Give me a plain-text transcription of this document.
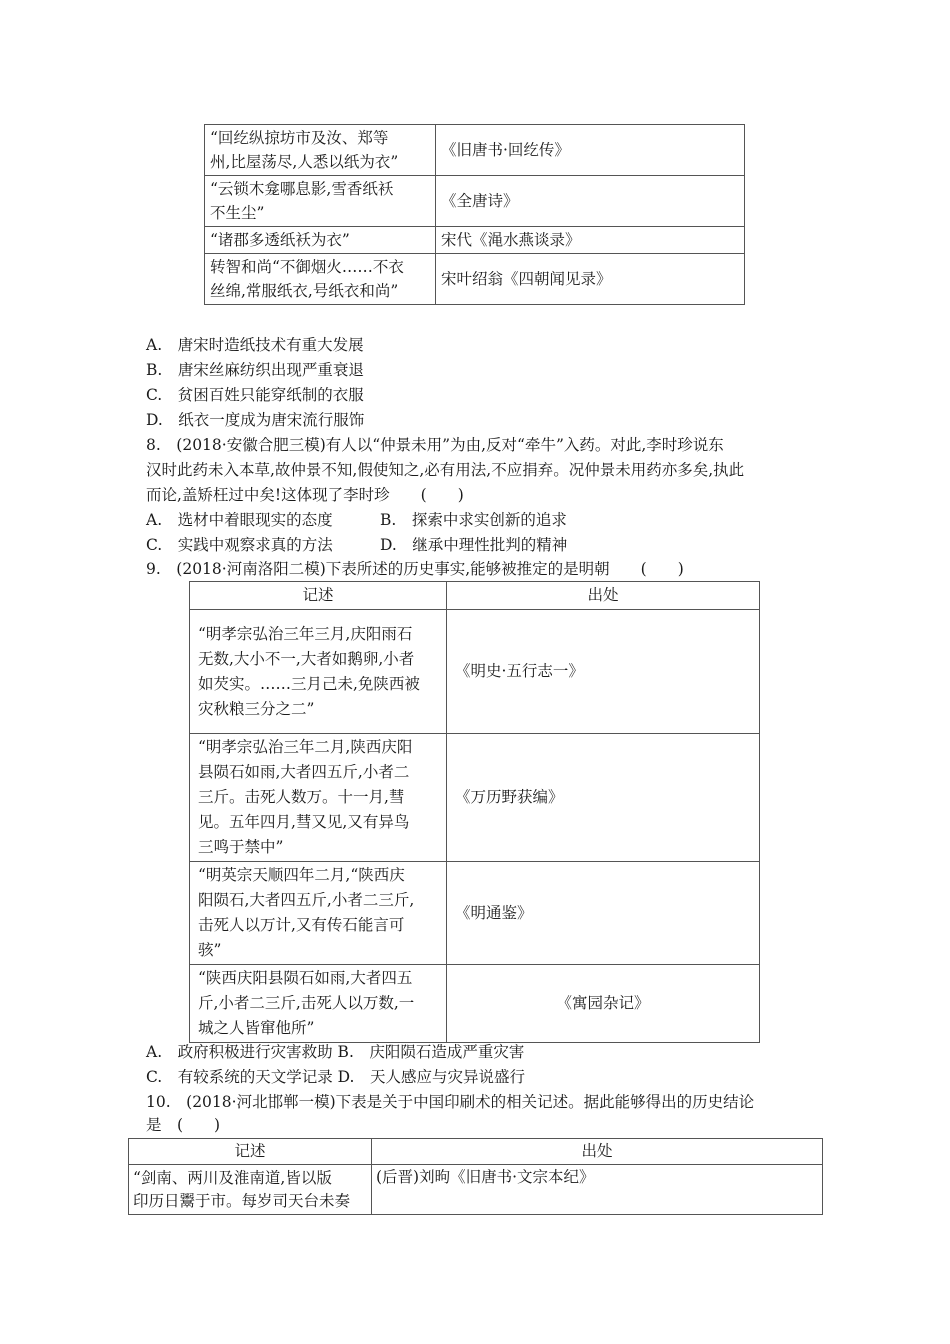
“回纥纵掠坊市及汝、郑等
州,比屋荡尽,人悉以纸为衣”	《旧唐书·回纥传》

“云锁木龛哪息影,雪香纸袄
不生尘”	《全唐诗》

“诸郡多透纸袄为衣”	宋代《渑水燕谈录》

转智和尚“不御烟火……不衣
丝绵,常服纸衣,号纸衣和尚”	宋叶绍翁《四朝闻见录》
A.　唐宋时造纸技术有重大发展
B.　唐宋丝麻纺织出现严重衰退
C.　贫困百姓只能穿纸制的衣服
D.　纸衣一度成为唐宋流行服饰
8.　(2018·安徽合肥三模)有人以“仲景未用”为由,反对“牵牛”入药。对此,李时珍说东
汉时此药未入本草,故仲景不知,假使知之,必有用法,不应捐弃。况仲景未用药亦多矣,执此
而论,盖矫枉过中矣!这体现了李时珍　　(　　)
A.　选材中着眼现实的态度	B.　探索中求实创新的追求
C.　实践中观察求真的方法	D.　继承中理性批判的精神
9.　(2018·河南洛阳二模)下表所述的历史事实,能够被推定的是明朝　　(　　)
记述	出处

“明孝宗弘治三年三月,庆阳雨石
无数,大小不一,大者如鹅卵,小者
如芡实。……三月己未,免陕西被
灾秋粮三分之二”	《明史·五行志一》

“明孝宗弘治三年二月,陕西庆阳
县陨石如雨,大者四五斤,小者二
三斤。击死人数万。十一月,彗
见。五年四月,彗又见,又有异鸟
三鸣于禁中”	《万历野获编》

“明英宗天顺四年二月,“陕西庆
阳陨石,大者四五斤,小者二三斤,
击死人以万计,又有传石能言可
骇”	《明通鉴》

“陕西庆阳县陨石如雨,大者四五
斤,小者二三斤,击死人以万数,一
城之人皆窜他所”	《寓园杂记》
A.　政府积极进行灾害救助 B.　庆阳陨石造成严重灾害
C.　有较系统的天文学记录 D.　天人感应与灾异说盛行
10.　(2018·河北邯郸一模)下表是关于中国印刷术的相关记述。据此能够得出的历史结论
是　(　　)
记述	出处

“剑南、两川及淮南道,皆以版
印历日鬻于市。每岁司天台未奏	(后晋)刘昫《旧唐书·文宗本纪》
